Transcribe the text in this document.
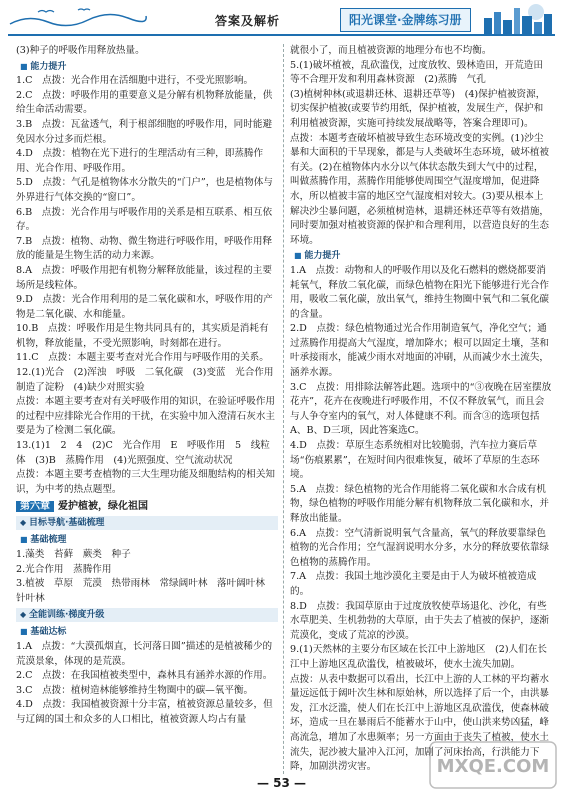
答案及解析	阳光课堂·金牌练习册
(3)种子的呼吸作用释放热量。
■ 能力提升

1.C　点拨：光合作用在活细胞中进行，不受光照影响。
2.C　点拨：呼吸作用的重要意义是分解有机物释放能量，供给生命活动需要。
3.B　点拨：瓦盆透气，利于根部细胞的呼吸作用，同时能避免因水分过多而烂根。
4.D　点拨：植物在光下进行的生理活动有三种，即蒸腾作用、光合作用、呼吸作用。
5.D　点拨：气孔是植物体水分散失的“门户”，也是植物体与外界进行气体交换的“窗口”。
6.B　点拨：光合作用与呼吸作用的关系是相互联系、相互依存。
7.B　点拨：植物、动物、微生物进行呼吸作用，呼吸作用释放的能量是生物生活的动力来源。
8.A　点拨：呼吸作用把有机物分解释放能量，该过程的主要场所是线粒体。
9.D　点拨：光合作用利用的是二氧化碳和水，呼吸作用的产物是二氧化碳、水和能量。
10.B　点拨：呼吸作用是生物共同具有的，其实质是消耗有机物，释放能量，不受光照影响，时刻都在进行。
11.C　点拨：本题主要考查对光合作用与呼吸作用的关系。
12.(1)光合　(2)浑浊　呼吸　二氧化碳　(3)变蓝　光合作用制造了淀粉　(4)缺少对照实验
点拨：本题主要考查对有关呼吸作用的知识，在验证呼吸作用的过程中应排除光合作用的干扰，在实验中加入澄清石灰水主要是为了检测二氧化碳。
13.(1)1　2　4　(2)C　光合作用　E　呼吸作用　5　线粒体　(3)B　蒸腾作用　(4)光照强度、空气流动状况
点拨：本题主要考查植物的三大生理功能及细胞结构的相关知识，为中考的热点题型。
第六章 爱护植被，绿化祖国
◆ 目标导航·基础梳理
■ 基础梳理

1.藻类　苔藓　蕨类　种子
2.光合作用　蒸腾作用
3.植被　草原　荒漠　热带雨林　常绿阔叶林　落叶阔叶林　针叶林
◆ 全能训练·梯度升级
■ 基础达标

1.A　点拨：“大漠孤烟直，长河落日圆”描述的是植被稀少的荒漠景象，体现的是荒漠。
2.C　点拨：在我国植被类型中，森林具有涵养水源的作用。
3.C　点拨：植树造林能够维持生物圈中的碳—氧平衡。
4.D　点拨：我国植被资源十分丰富，植被资源总量较多，但与辽阔的国土和众多的人口相比，植被资源人均占有量
就很小了，而且植被资源的地理分布也不均衡。
5.(1)破坏植被，乱砍滥伐，过度放牧、毁林造田，开荒造田等不合理开发和利用森林资源　(2)蒸腾　气孔
(3)植树种林(或退耕还林、退耕还草等)　(4)保护植被资源，切实保护植被(或要节约用纸，保护植被，发展生产，保护和利用植被资源，实施可持续发展战略等，答案合理即可)。
点拨：本题考查破坏植被导致生态环境改变的实例。(1)沙尘暴和大面积的干旱现象，都是与人类破坏生态环境，破坏植被有关。(2)在植物体内水分以气体状态散失到大气中的过程，叫做蒸腾作用，蒸腾作用能够使周围空气湿度增加，促进降水，所以植被丰富的地区空气湿度相对较大。(3)要从根本上解决沙尘暴问题，必须植树造林，退耕还林还草等有效措施，同时要加强对植被资源的保护和合理利用，以营造良好的生态环境。
■ 能力提升

1.A　点拨：动物和人的呼吸作用以及化石燃料的燃烧都要消耗氧气，释放二氧化碳，而绿色植物在阳光下能够进行光合作用，吸收二氧化碳，放出氧气，维持生物圈中氧气和二氧化碳的含量。
2.D　点拨：绿色植物通过光合作用制造氧气，净化空气；通过蒸腾作用提高大气湿度，增加降水；根可以固定土壤，茎和叶承接雨水，能减少雨水对地面的冲刷，从而减少水土流失，涵养水源。
3.C　点拨：用排除法解答此题。选项中的“③夜晚在居室摆放花卉”，花卉在夜晚进行呼吸作用，不仅不释放氧气，而且会与人争夺室内的氧气，对人体健康不利。而含③的选项包括A、B、D三项，因此答案选C。
4.D　点拨：草原生态系统相对比较脆弱，汽车拉力赛后草场“伤痕累累”，在短时间内很难恢复，破坏了草原的生态环境。
5.A　点拨：绿色植物的光合作用能将二氧化碳和水合成有机物，绿色植物的呼吸作用能分解有机物释放二氧化碳和水，并释放出能量。
6.A　点拨：空气清新说明氧气含量高，氧气的释放要靠绿色植物的光合作用；空气湿润说明水分多，水分的释放要依靠绿色植物的蒸腾作用。
7.A　点拨：我国土地沙漠化主要是由于人为破坏植被造成的。
8.D　点拨：我国草原由于过度放牧使草场退化、沙化，有些水草肥美、生机勃勃的大草原，由于失去了植被的保护，逐渐荒漠化，变成了荒凉的沙漠。
9.(1)天然林的主要分布区域在长江中上游地区　(2)人们在长江中上游地区乱砍滥伐，植被破坏，使水土流失加剧。
点拨：从表中数据可以看出，长江中上游的人工林的平均蓄水量远远低于阔叶次生林和原始林，所以选择了后一个，由洪暴发，江水泛滥，使人们在长江中上游地区乱砍滥伐，使森林破坏，造成一旦在暴雨后不能蓄水于山中，使山洪来势凶猛，峰高流急，增加了水患频率；另一方面由于丧失了植被，使水土流失，泥沙被大量冲入江河，加剧了河床抬高，行洪能力下降，加剧洪涝灾害。
— 53 —
MXQE.COM
